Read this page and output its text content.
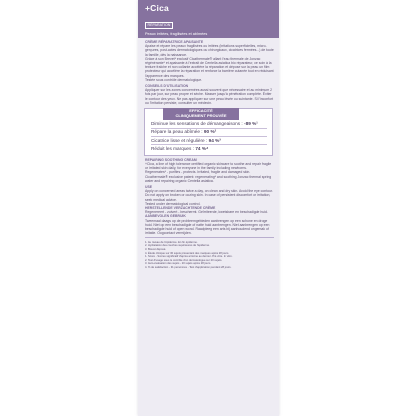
+Cica
RÉPARATION
Peaux irritées, fragilisées et abîmées
CRÈME RÉPARATRICE APAISANTE
Apaise et répare les peaux fragilisées ou irritées (irritations superficielles, micro-gerçures, post-actes dermatologiques ou chirurgicaux, cicatrices fermées...) de toute la famille, dès la naissance.
Grâce à son Brevet* exclusif Cicathermale® allant l'eau thermale de Jonzac régénérante* et apaisante à l'extrait de Centella asiatica bio réparateur, ce soin à la texture fraîche et non collante accélère la réparation et dépose sur la peau un film protecteur qui accélère la réparation et renforce la barrière cutanée tout en réduisant l'apparence des marques.
Testée sous contrôle dermatologique.
CONSEILS D'UTILISATION
Appliquer sur les zones concernées aussi souvent que nécessaire et au minimum 2 fois par jour, sur peau propre et sèche. Masser jusqu'à pénétration complète. Éviter le contour des yeux. Ne pas appliquer sur une peau lésée ou suintante. Si l'inconfort ou l'irritation persiste, consulter un médecin.
EFFICACITÉ
CLINIQUEMENT PROUVÉE
Diminue les sensations de démangeaisons : -89 %¹
Répare la peau abîmée : 90 %²
Cicatrice lisse et régulière : 94 %³
Réduit les marques : 74 %⁴
REPAIRING SOOTHING CREAM
+Cica, a line of high tolerance certified organic skincare to soothe and repair fragile or irritated skin daily, for everyone in the family including newborns.
Regenerates* - purifies - protects. Irritated, fragile and damaged skin. Cicathermale® exclusive patent: regenerating* and soothing Jonzac thermal spring water and repairing organic Centella asiatica.
USE
Apply on concerned areas twice a day, on clean and dry skin. Avoid the eye contour. Do not apply on broken or oozing skin. In case of persistent discomfort or irritation, seek medical advice.
Tested under dermatological control.
HERSTELLENDE VERZACHTENDE CRÈME
Regenereert - zuivert - beschermt. Geïrriteerde, kwetsbare en beschadigde huid.
AANBEVOLEN GEBRUIK
Tweemaal daags op de probleemgebieden aanbrengen op een schone en droge huid. Niet op een beschadigde of natte huid aanbrengen. Niet aanbrengen op een beschadigde huid of open wond. Raadpleeg een arts bij aanhoudend ongemak of irritatie. Oogcontact vermijden.
1. Au niveau de l'épiderme. En fin épiderme.
2. Hydratation des couches supérieures de l'épiderme.
3. Brevet déposé.
4. Étude clinique sur 30 sujets présentant des marques après 28 jours.
1. Score - Scores significatif d'après arnicine au dernier J'hé vitre. In vitro.
2. Test d'usage sous le contrôle d'un dermatologue sur 20 sujets.
3. Auto-évaluation des sujets - 20 sujets après 28 jours.
4. % de satisfaction - 31 personnes - Test d'application pendant 28 jours.
